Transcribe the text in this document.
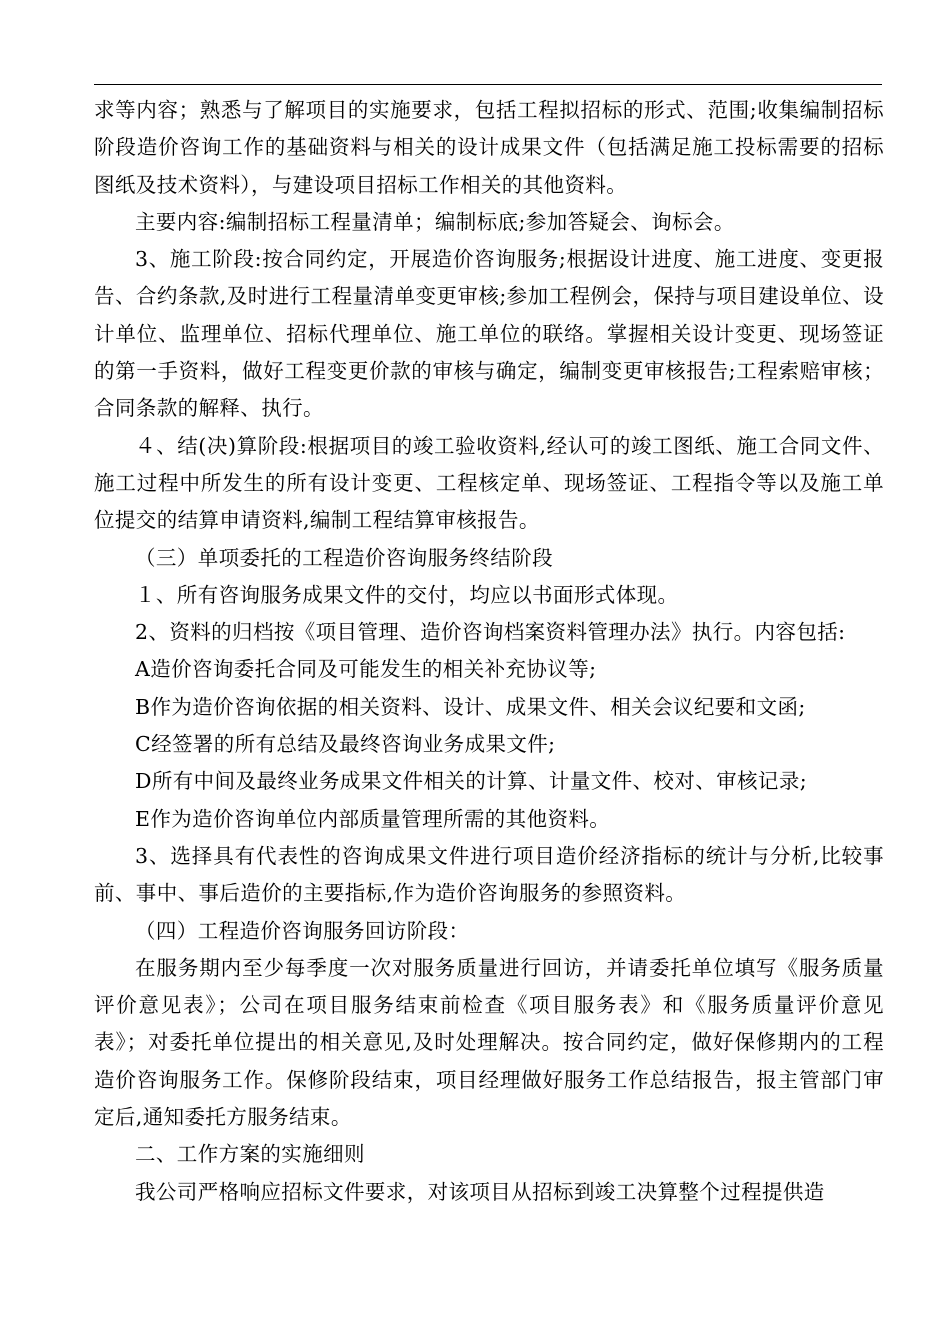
求等内容；熟悉与了解项目的实施要求，包括工程拟招标的形式、范围;收集编制招标阶段造价咨询工作的基础资料与相关的设计成果文件（包括满足施工投标需要的招标图纸及技术资料），与建设项目招标工作相关的其他资料。

主要内容:编制招标工程量清单；编制标底;参加答疑会、询标会。

3、施工阶段:按合同约定，开展造价咨询服务;根据设计进度、施工进度、变更报告、合约条款,及时进行工程量清单变更审核;参加工程例会，保持与项目建设单位、设计单位、监理单位、招标代理单位、施工单位的联络。掌握相关设计变更、现场签证的第一手资料，做好工程变更价款的审核与确定，编制变更审核报告;工程索赔审核；合同条款的解释、执行。

４、结(决)算阶段:根据项目的竣工验收资料,经认可的竣工图纸、施工合同文件、施工过程中所发生的所有设计变更、工程核定单、现场签证、工程指令等以及施工单位提交的结算申请资料,编制工程结算审核报告。

（三）单项委托的工程造价咨询服务终结阶段

１、所有咨询服务成果文件的交付，均应以书面形式体现。

2、资料的归档按《项目管理、造价咨询档案资料管理办法》执行。内容包括:

A造价咨询委托合同及可能发生的相关补充协议等;

B作为造价咨询依据的相关资料、设计、成果文件、相关会议纪要和文函;

C经签署的所有总结及最终咨询业务成果文件;

D所有中间及最终业务成果文件相关的计算、计量文件、校对、审核记录;

E作为造价咨询单位内部质量管理所需的其他资料。

3、选择具有代表性的咨询成果文件进行项目造价经济指标的统计与分析,比较事前、事中、事后造价的主要指标,作为造价咨询服务的参照资料。

（四）工程造价咨询服务回访阶段：

在服务期内至少每季度一次对服务质量进行回访，并请委托单位填写《服务质量评价意见表》；公司在项目服务结束前检查《项目服务表》和《服务质量评价意见表》；对委托单位提出的相关意见,及时处理解决。按合同约定，做好保修期内的工程造价咨询服务工作。保修阶段结束，项目经理做好服务工作总结报告，报主管部门审定后,通知委托方服务结束。

二、工作方案的实施细则

我公司严格响应招标文件要求，对该项目从招标到竣工决算整个过程提供造
